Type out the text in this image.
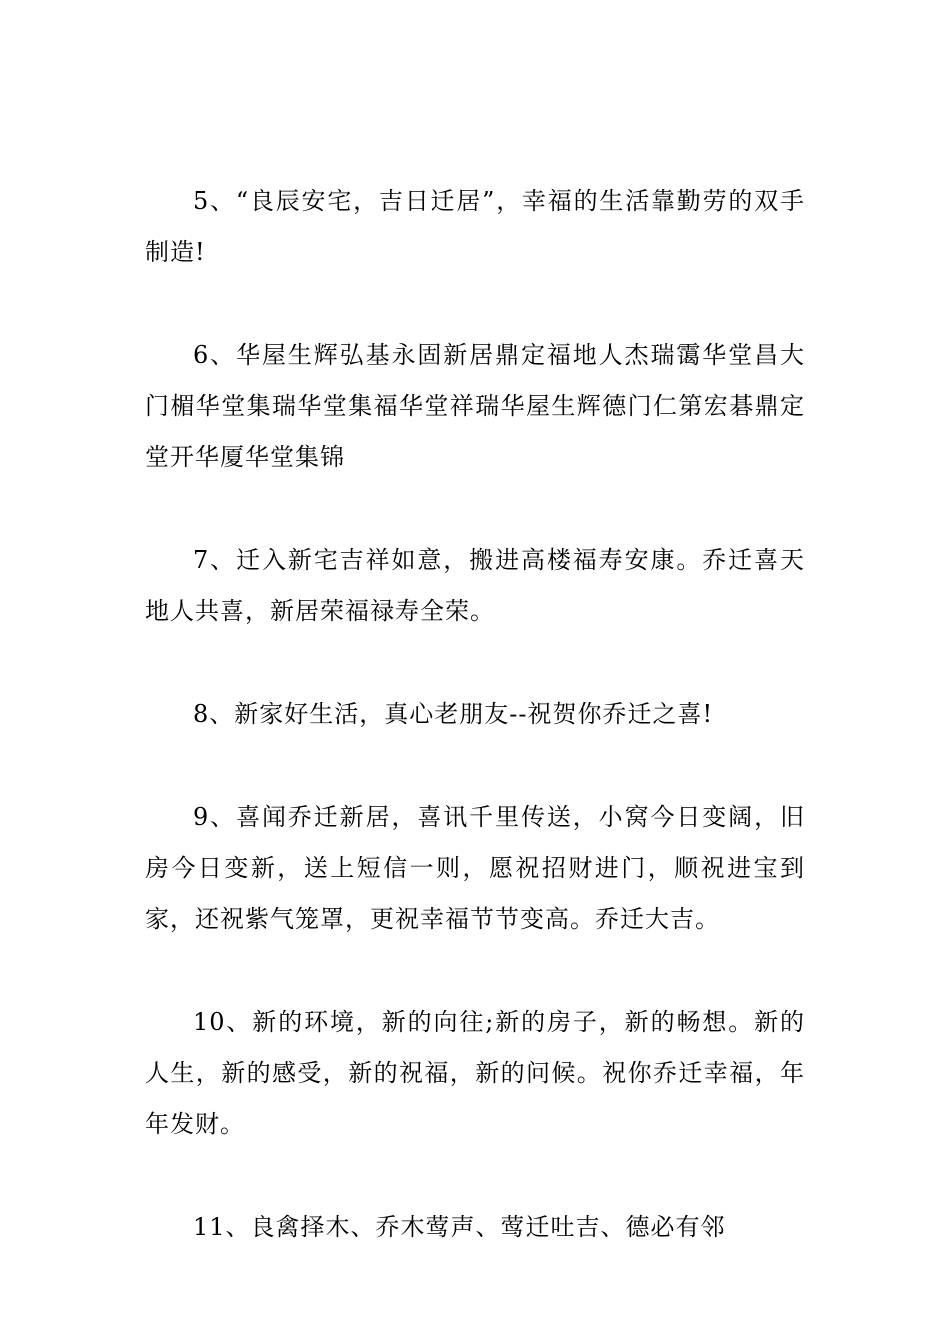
5、“良辰安宅，吉日迁居”，幸福的生活靠勤劳的双手制造!

6、华屋生辉弘基永固新居鼎定福地人杰瑞霭华堂昌大门楣华堂集瑞华堂集福华堂祥瑞华屋生辉德门仁第宏碁鼎定堂开华厦华堂集锦

7、迁入新宅吉祥如意，搬进高楼福寿安康。乔迁喜天地人共喜，新居荣福禄寿全荣。

8、新家好生活，真心老朋友--祝贺你乔迁之喜!

9、喜闻乔迁新居，喜讯千里传送，小窝今日变阔，旧房今日变新，送上短信一则，愿祝招财进门，顺祝进宝到家，还祝紫气笼罩，更祝幸福节节变高。乔迁大吉。

10、新的环境，新的向往;新的房子，新的畅想。新的人生，新的感受，新的祝福，新的问候。祝你乔迁幸福，年年发财。

11、良禽择木、乔木莺声、莺迁吐吉、德必有邻
